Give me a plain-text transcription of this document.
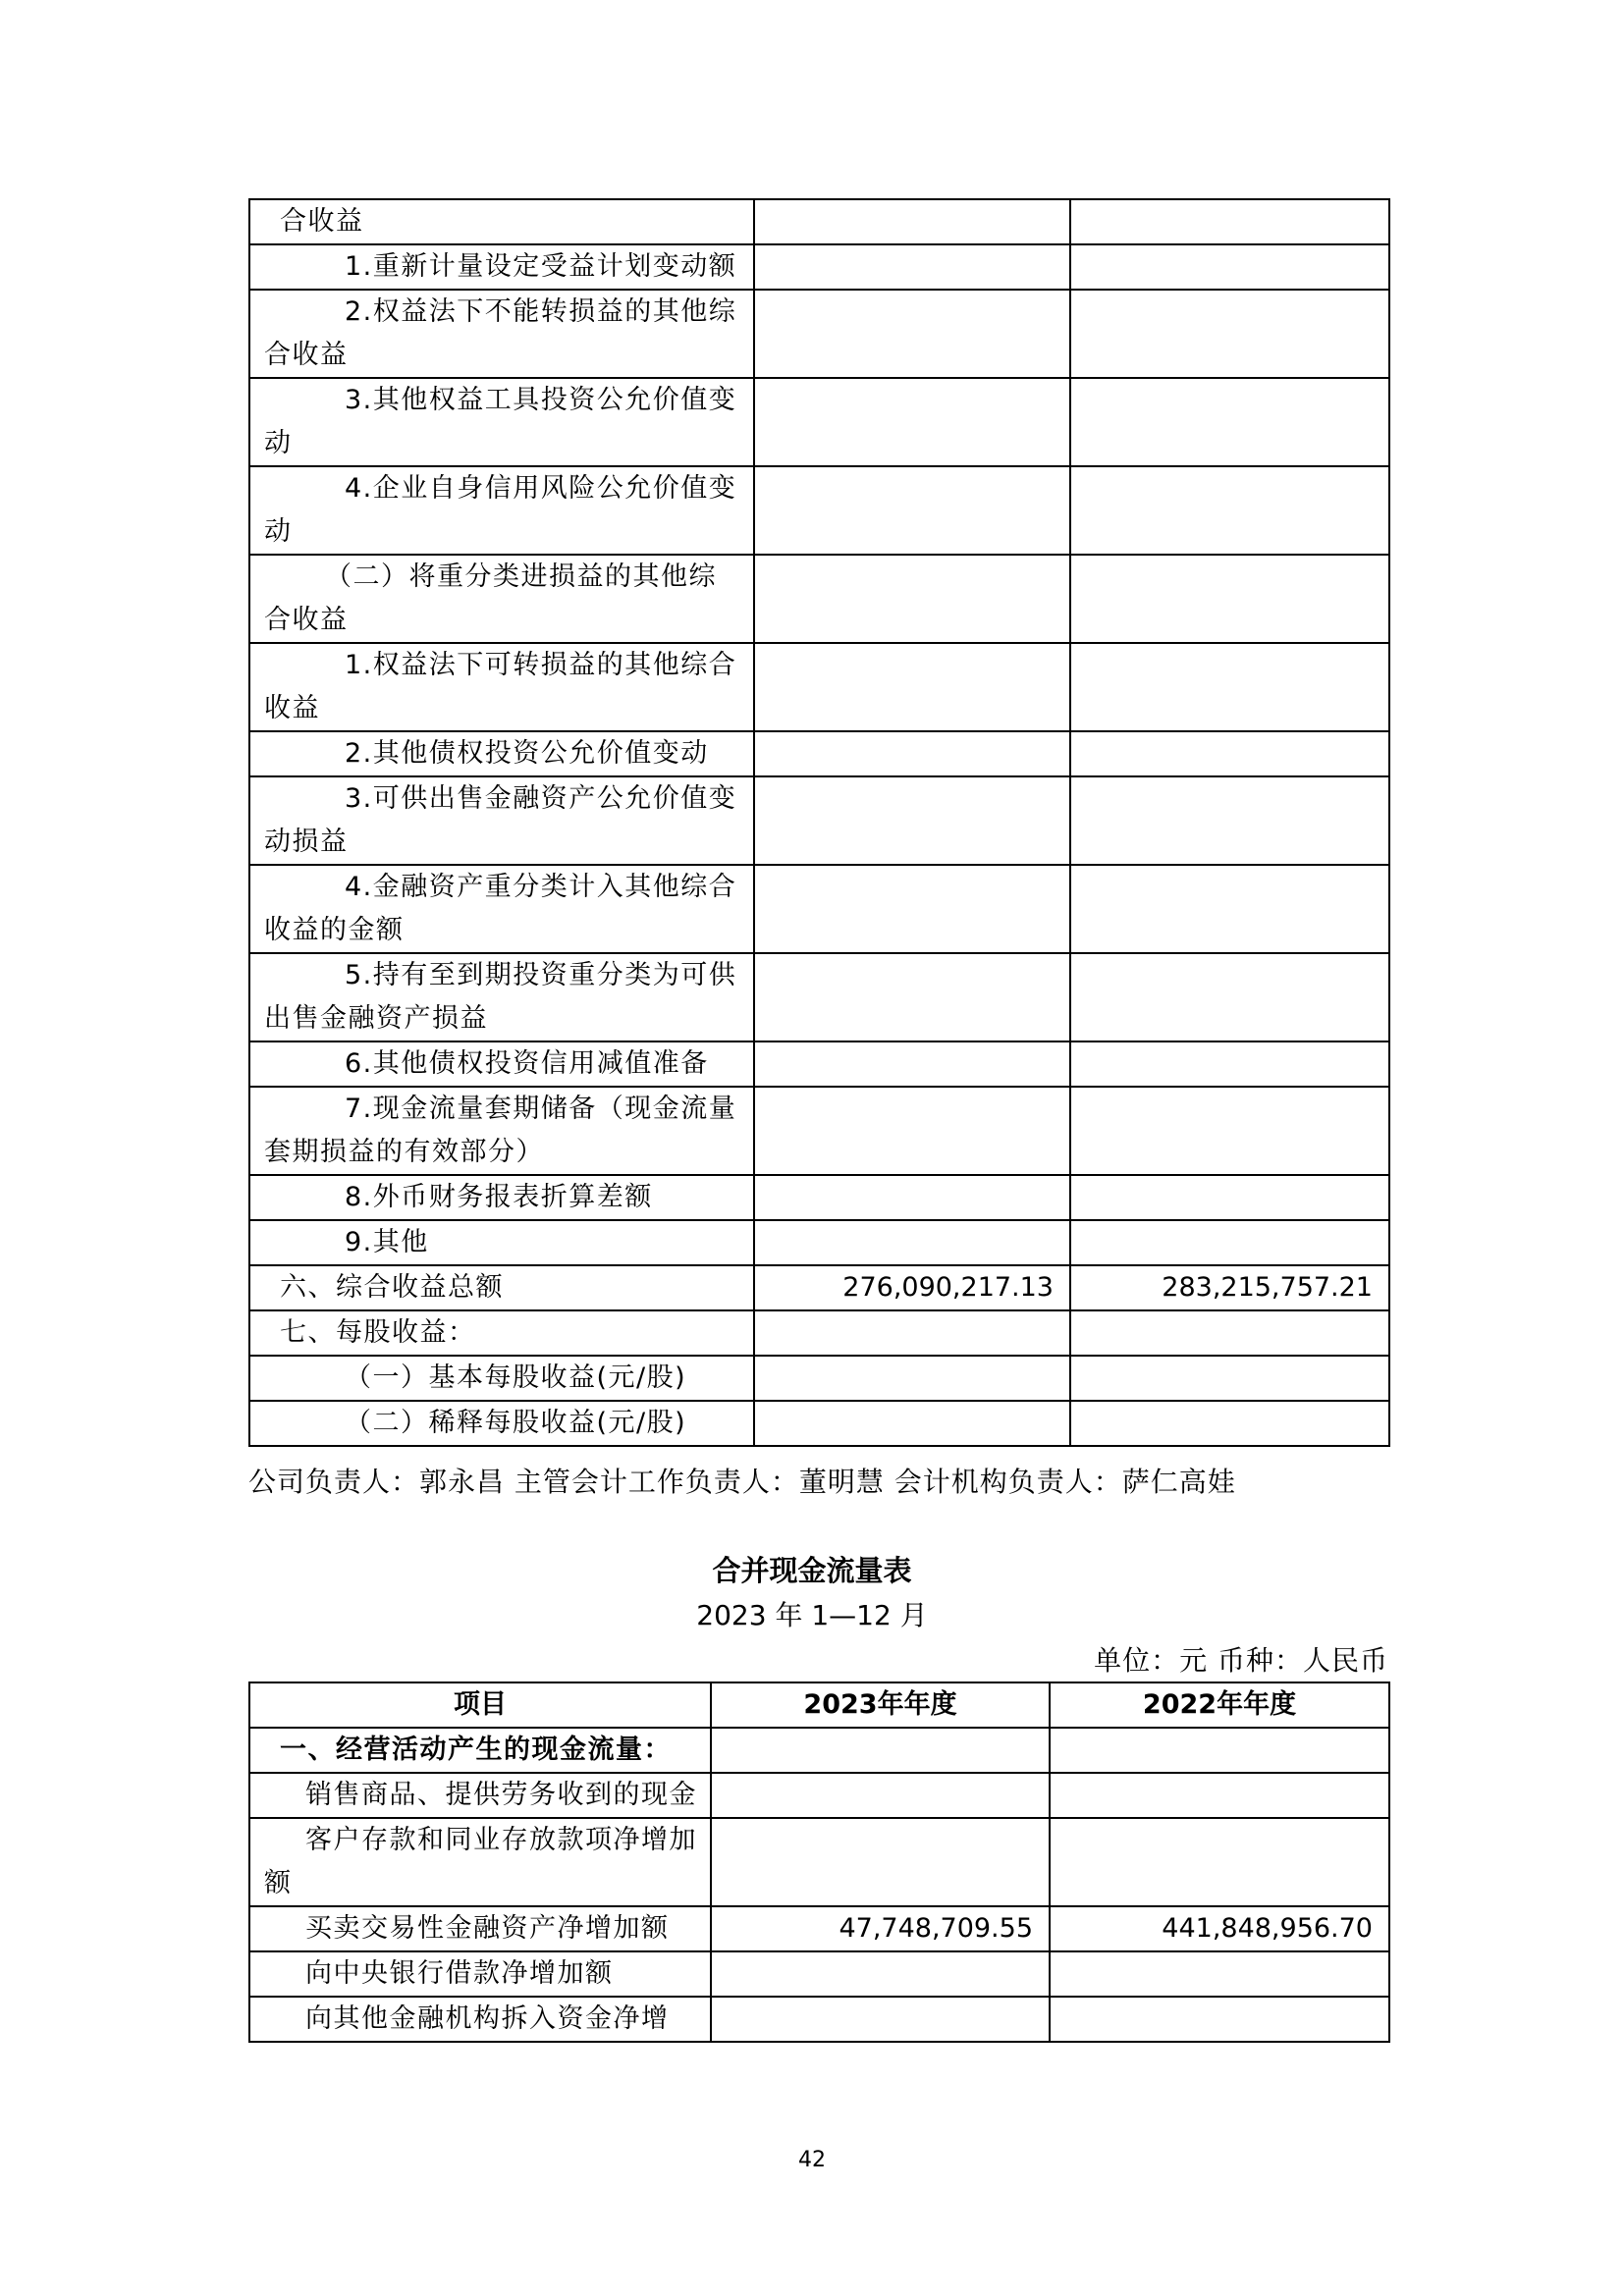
合收益		
1.重新计量设定受益计划变动额		
2.权益法下不能转损益的其他综合收益		
3.其他权益工具投资公允价值变动		
4.企业自身信用风险公允价值变动		
（二）将重分类进损益的其他综合收益		
1.权益法下可转损益的其他综合收益		
2.其他债权投资公允价值变动		
3.可供出售金融资产公允价值变动损益		
4.金融资产重分类计入其他综合收益的金额		
5.持有至到期投资重分类为可供出售金融资产损益		
6.其他债权投资信用减值准备		
7.现金流量套期储备（现金流量套期损益的有效部分）		
8.外币财务报表折算差额		
9.其他		
六、综合收益总额	276,090,217.13	283,215,757.21
七、每股收益：		
（一）基本每股收益(元/股)		
（二）稀释每股收益(元/股)		
公司负责人：郭永昌 主管会计工作负责人：董明慧 会计机构负责人：萨仁高娃
合并现金流量表
2023 年 1—12 月
单位：元 币种：人民币
项目	2023年年度	2022年年度
一、经营活动产生的现金流量：		
销售商品、提供劳务收到的现金		
客户存款和同业存放款项净增加额		
买卖交易性金融资产净增加额	47,748,709.55	441,848,956.70
向中央银行借款净增加额		
向其他金融机构拆入资金净增		
42
